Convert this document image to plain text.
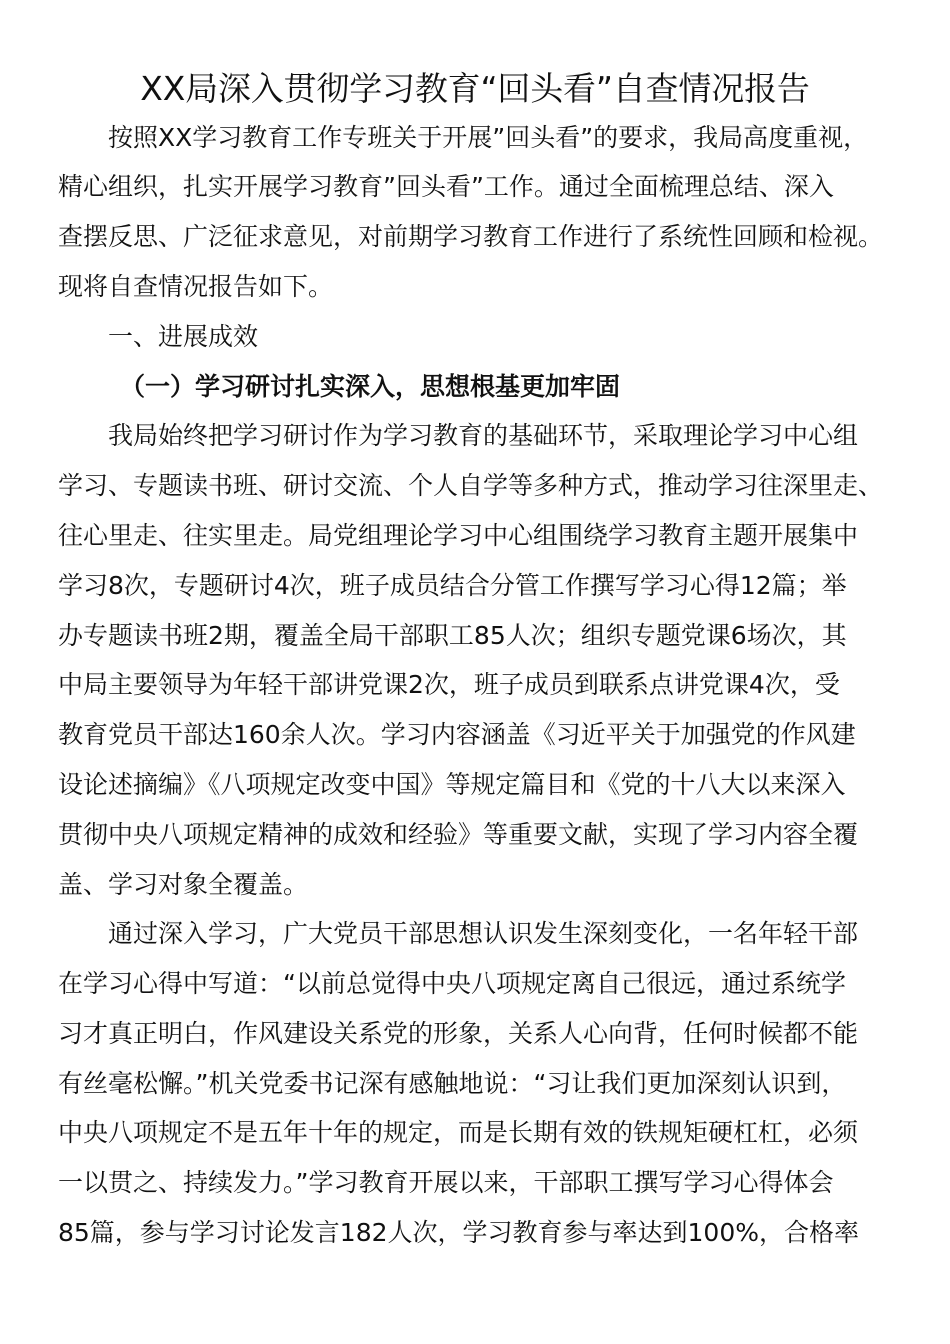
XX局深入贯彻学习教育“回头看”自查情况报告
按照XX学习教育工作专班关于开展”回头看”的要求，我局高度重视，
精心组织，扎实开展学习教育”回头看”工作。通过全面梳理总结、深入
查摆反思、广泛征求意见，对前期学习教育工作进行了系统性回顾和检视。
现将自查情况报告如下。
一、进展成效
（一）学习研讨扎实深入，思想根基更加牢固
我局始终把学习研讨作为学习教育的基础环节，采取理论学习中心组
学习、专题读书班、研讨交流、个人自学等多种方式，推动学习往深里走、
往心里走、往实里走。局党组理论学习中心组围绕学习教育主题开展集中
学习8次，专题研讨4次，班子成员结合分管工作撰写学习心得12篇；举
办专题读书班2期，覆盖全局干部职工85人次；组织专题党课6场次，其
中局主要领导为年轻干部讲党课2次，班子成员到联系点讲党课4次，受
教育党员干部达160余人次。学习内容涵盖《习近平关于加强党的作风建
设论述摘编》《八项规定改变中国》等规定篇目和《党的十八大以来深入
贯彻中央八项规定精神的成效和经验》等重要文献，实现了学习内容全覆
盖、学习对象全覆盖。
通过深入学习，广大党员干部思想认识发生深刻变化，一名年轻干部
在学习心得中写道：“以前总觉得中央八项规定离自己很远，通过系统学
习才真正明白，作风建设关系党的形象，关系人心向背，任何时候都不能
有丝毫松懈。”机关党委书记深有感触地说：“习让我们更加深刻认识到，
中央八项规定不是五年十年的规定，而是长期有效的铁规矩硬杠杠，必须
一以贯之、持续发力。”学习教育开展以来，干部职工撰写学习心得体会
85篇，参与学习讨论发言182人次，学习教育参与率达到100%，合格率
